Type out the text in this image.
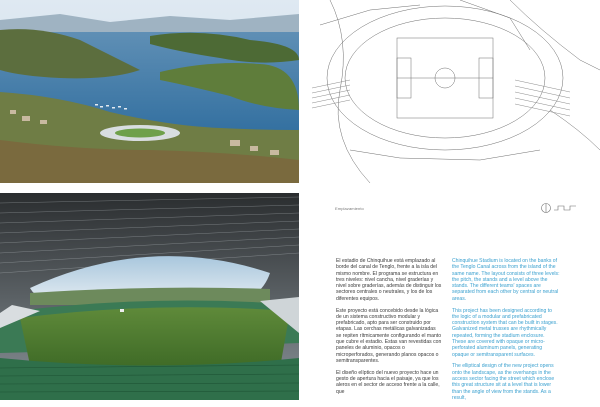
Emplazamiento

El estadio de Chinquihue está emplazado al borde del canal de Tenglo, frente a la isla del mismo nombre. El programa se estructura en tres niveles: nivel cancha, nivel graderías y nivel sobre graderías, además de distinguir los sectores centrales o neutrales, y los de los diferentes equipos.

Este proyecto está concebido desde la lógica de un sistema constructivo modular y prefabricado, apto para ser construido por etapas. Las cerchas metálicas galvanizadas se repiten rítmicamente configurando el manto que cubre el estadio. Estas van revestidas con paneles de aluminio, opacos o microperforados, generando planos opacos o semitransparentes.

El diseño elíptico del nuevo proyecto hace un gesto de apertura hacia el paisaje, ya que los aleros en el sector de acceso frente a la calle, que

Chinquihue Stadium is located on the banks of the Tenglo Canal across from the island of the same name. The layout consists of three levels: the pitch, the stands and a level above the stands. The different teams' spaces are separated from each other by central or neutral areas.

This project has been designed according to the logic of a modular and prefabricated construction system that can be built in stages. Galvanized metal trusses are rhythmically repeated, forming the stadium enclosure. These are covered with opaque or micro-perforated aluminum panels, generating opaque or semitransparent surfaces.

The elliptical design of the new project opens onto the landscape, as the overhangs in the access sector facing the street which enclose this great structure sit at a level that is lower than the angle of view from the stands. As a result,
